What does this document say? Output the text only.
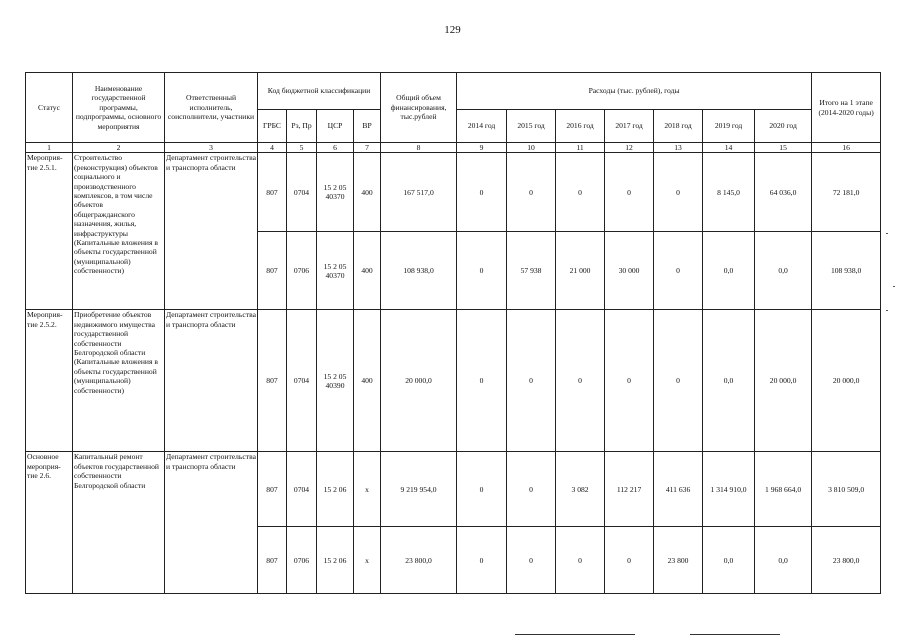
129
Статус	Наименование государственной программы, подпрограммы, основного мероприятия	Ответственный исполнитель, соисполнители, участники	Код бюджетной классификации				Общий объем финансирования, тыс.рублей	Расходы (тыс. рублей), годы							Итого на 1 этапе (2014-2020 годы)
			ГРБС	Рз, Пр	ЦСР	ВР		2014 год	2015 год	2016 год	2017 год	2018 год	2019 год	2020 год	
1	2	3	4	5	6	7	8	9	10	11	12	13	14	15	16
Мероприя-тие 2.5.1.	Строительство (реконструкция) объектов социального и производственного комплексов, в том числе объектов общегражданского назначения, жилья, инфраструктуры (Капитальные вложения в объекты государственной (муниципальной) собственности)	Департамент строительства и транспорта области	807	0704	15 2 05 40370	400	167 517,0	0	0	0	0	0	8 145,0	64 036,0	72 181,0
			807	0706	15 2 05 40370	400	108 938,0	0	57 938	21 000	30 000	0	0,0	0,0	108 938,0
Мероприя-тие 2.5.2.	Приобретение объектов недвижимого имущества государственной собственности Белгородской области (Капитальные вложения в объекты государственной (муниципальной) собственности)	Департамент строительства и транспорта области	807	0704	15 2 05 40390	400	20 000,0	0	0	0	0	0	0,0	20 000,0	20 000,0
Основное мероприя-тие 2.6.	Капитальный ремонт объектов государственной собственности Белгородской области	Департамент строительства и транспорта области	807	0704	15 2 06	х	9 219 954,0	0	0	3 082	112 217	411 636	1 314 910,0	1 968 664,0	3 810 509,0
			807	0706	15 2 06	х	23 800,0	0	0	0	0	23 800	0,0	0,0	23 800,0
